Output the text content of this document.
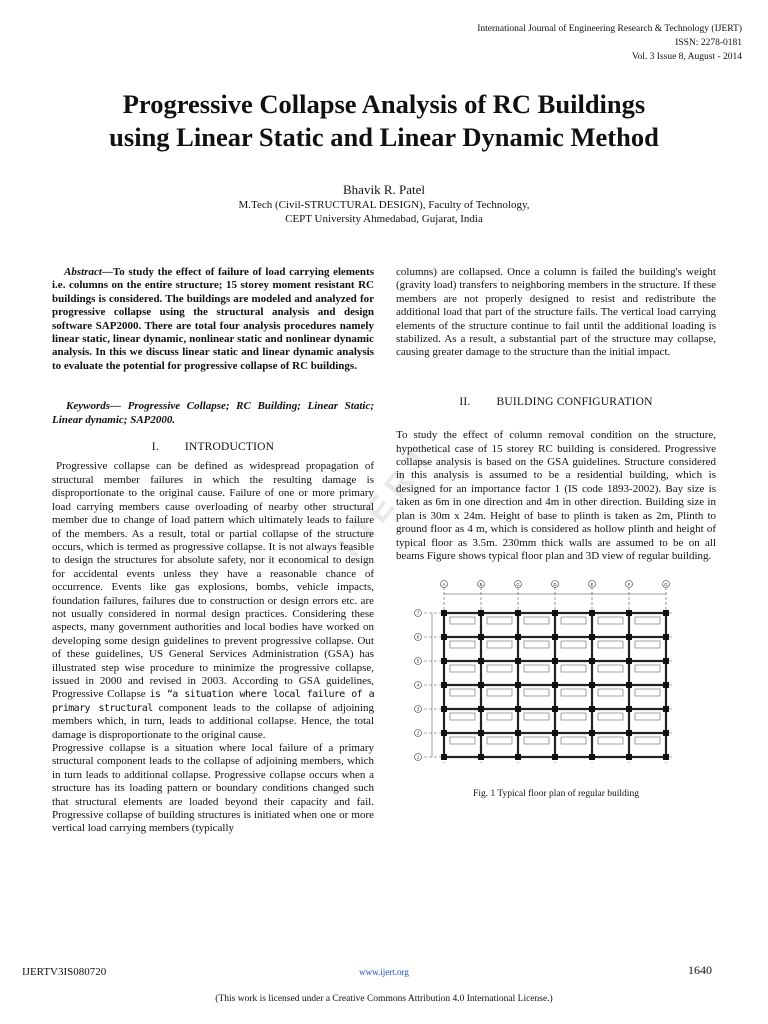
International Journal of Engineering Research & Technology (IJERT)
ISSN: 2278-0181
Vol. 3 Issue 8, August - 2014
Progressive Collapse Analysis of RC Buildings
using Linear Static and Linear Dynamic Method
Bhavik R. Patel
M.Tech (Civil-STRUCTURAL DESIGN), Faculty of Technology,
CEPT University Ahmedabad, Gujarat, India
IJERT

Abstract—To study the effect of failure of load carrying elements i.e. columns on the entire structure; 15 storey moment resistant RC buildings is considered. The buildings are modeled and analyzed for progressive collapse using the structural analysis and design software SAP2000. There are total four analysis procedures namely linear static, linear dynamic, nonlinear static and nonlinear dynamic analysis. In this we discuss linear static and linear dynamic analysis to evaluate the potential for progressive collapse of RC buildings.

Keywords— Progressive Collapse; RC Building; Linear Static; Linear dynamic; SAP2000.

I. INTRODUCTION

Progressive collapse can be defined as widespread propagation of structural member failures in which the resulting damage is disproportionate to the original cause. Failure of one or more primary load carrying members cause overloading of nearby other structural member due to change of load pattern which ultimately leads to failure of the members. As a result, total or partial collapse of the structure occurs, which is termed as progressive collapse. It is not always feasible to design the structures for absolute safety, nor it economical to design for accidental events unless they have a reasonable chance of occurrence. Events like gas explosions, bombs, vehicle impacts, foundation failures, failures due to construction or design errors etc. are not usually considered in normal design practices. Considering these aspects, many government authorities and local bodies have worked on developing some design guidelines to prevent progressive collapse. Out of these guidelines, US General Services Administration (GSA) has illustrated step wise procedure to minimize the progressive collapse, issued in 2000 and revised in 2003. According to GSA guidelines, Progressive Collapse is “a situation where local failure of a primary structural component leads to the collapse of adjoining members which, in turn, leads to additional collapse. Hence, the total damage is disproportionate to the original cause.

Progressive collapse is a situation where local failure of a primary structural component leads to the collapse of adjoining members, which in turn leads to additional collapse. Progressive collapse occurs when a structure has its loading pattern or boundary conditions changed such that structural elements are loaded beyond their capacity and fail. Progressive collapse of building structures is initiated when one or more vertical load carrying members (typically

columns) are collapsed. Once a column is failed the building's weight (gravity load) transfers to neighboring members in the structure. If these members are not properly designed to resist and redistribute the additional load that part of the structure fails. The vertical load carrying elements of the structure continue to fail until the additional loading is stabilized. As a result, a substantial part of the structure may collapse, causing greater damage to the structure than the initial impact.

II. BUILDING CONFIGURATION

To study the effect of column removal condition on the structure, hypothetical case of 15 storey RC building is considered. Progressive collapse analysis is based on the GSA guidelines. Structure considered in this analysis is assumed to be a residential building, which is designed for an importance factor 1 (IS code 1893-2002). Bay size is taken as 6m in one direction and 4m in other direction. Building size in plan is 30m x 24m. Height of base to plinth is taken as 2m, Plinth to ground floor as 4 m, which is considered as hollow plinth and height of typical floor as 3.5m. 230mm thick walls are assumed to be on all beams Figure shows typical floor plan and 3D view of regular building.

A	B	C	D	E	F	G
7
6
5
4
3
2
1
Fig. 1 Typical floor plan of regular building
IJERTV3IS080720	www.ijert.org	1640
(This work is licensed under a Creative Commons Attribution 4.0 International License.)
